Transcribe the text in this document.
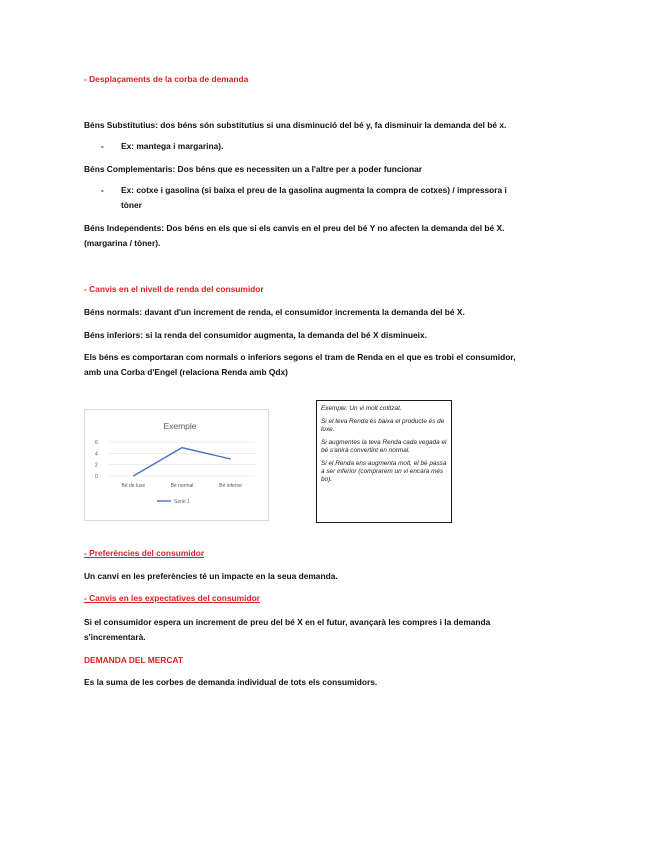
- Desplaçaments de la corba de demanda
Béns Substitutius: dos béns són substitutius si una disminució del bé y, fa disminuir la demanda del bé x.
- Ex: mantega i margarina).
Béns Complementaris: Dos béns que es necessiten un a l'altre per a poder funcionar
- Ex: cotxe i gasolina (si baixa el preu de la gasolina augmenta la compra de cotxes) / impressora i
tòner
Béns Independents: Dos béns en els que si els canvis en el preu del bé Y no afecten la demanda del bé X.
(margarina / tòner).
- Canvis en el nivell de renda del consumidor
Béns normals: davant d'un increment de renda, el consumidor incrementa la demanda del bé X.
Béns inferiors: si la renda del consumidor augmenta, la demanda del bé X disminueix.
Els béns es comportaran com normals o inferiors segons el tram de Renda en el que es trobi el consumidor,
amb una Corba d'Engel (relaciona Renda amb Qdx)
Exemple
0
2
4
6
Bé de luxe	Bé normal	Bé inferior
Serie 1

Exemple: Un vi molt cotitzat.

Si el teva Renda és baixa el producte és de luxe.

Si augmentes la teva Renda cada vegada el bé s'anirà convertint en normal.

Si el Renda ens augmenta molt, el bé passa a ser inferior (comprarem un vi encara més bo).

- Preferències del consumidor
Un canvi en les preferències té un impacte en la seua demanda.
- Canvis en les expectatives del consumidor
Si el consumidor espera un increment de preu del bé X en el futur, avançarà les compres i la demanda
s'incrementarà.
DEMANDA DEL MERCAT
Es la suma de les corbes de demanda individual de tots els consumidors.
